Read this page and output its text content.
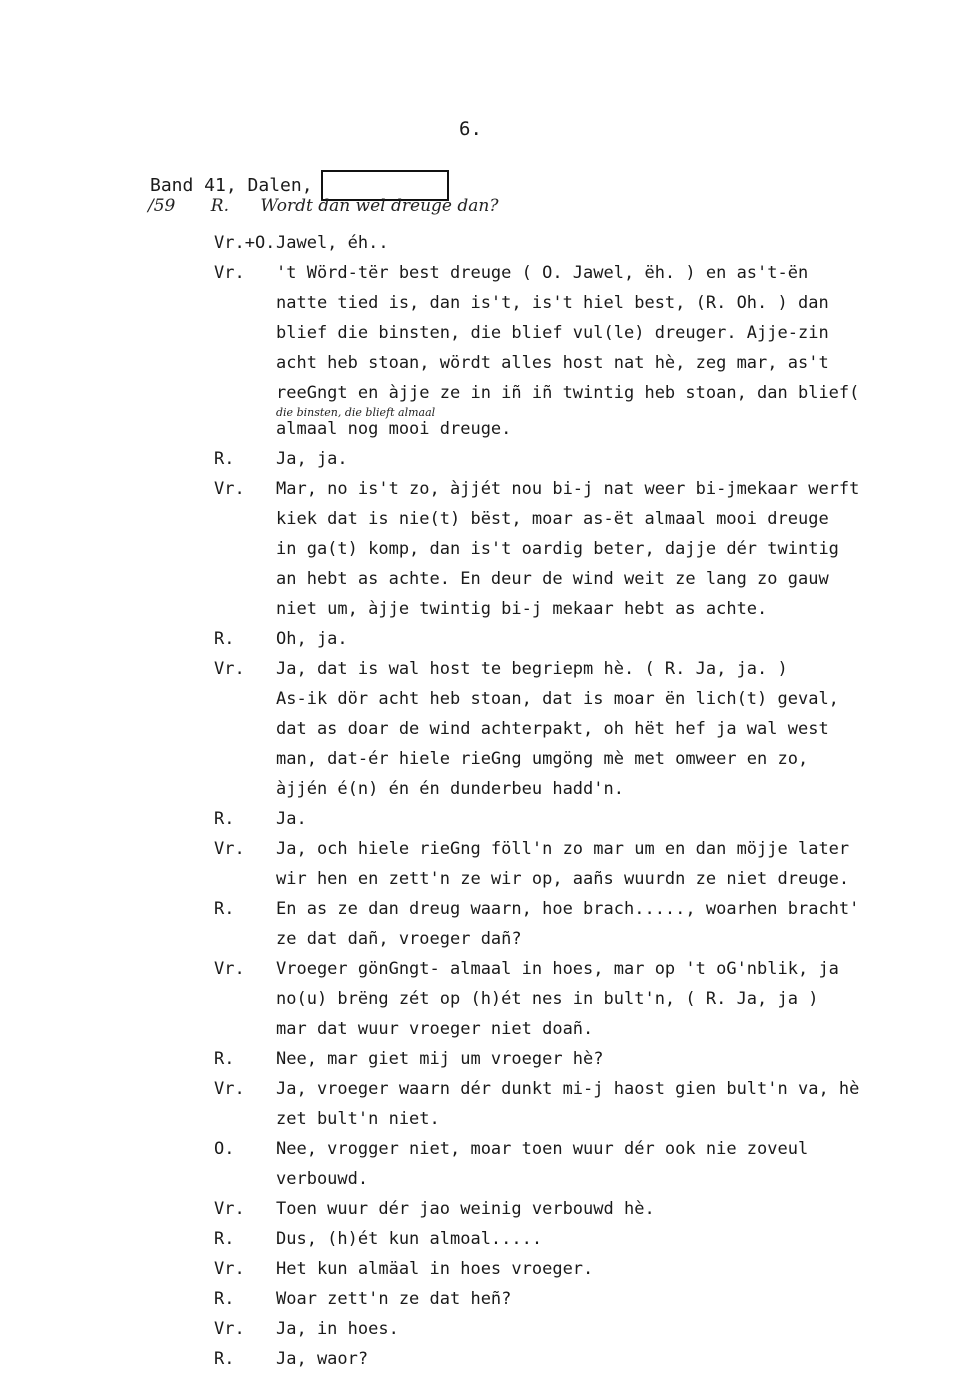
6.
Band 41, Dalen,
/59 R. Wordt dan wel dreuge dan?
Vr.+O. Jawel, éh..
Vr.	't Wörd-tër best dreuge ( O. Jawel, ëh. ) en as't-ën
natte tied is, dan is't, is't hiel best, (R. Oh. ) dan
blief die binsten, die blief vul(le) dreuger. Ajje-zin
acht heb stoan, wördt alles host nat hè, zeg mar, as't
reeGngt en àjje ze in iñ iñ twintig heb stoan, dan blief(
die binsten, die blieft almaal
almaal nog mooi dreuge.
R.	Ja, ja.
Vr.	Mar, no is't zo, àjjét nou bi-j nat weer bi-jmekaar werft
kiek dat is nie(t) bëst, moar as-ët almaal mooi dreuge
in ga(t) komp, dan is't oardig beter, dajje dér twintig
an hebt as achte. En deur de wind weit ze lang zo gauw
niet um, àjje twintig bi-j mekaar hebt as achte.
R.	Oh, ja.
Vr.	Ja, dat is wal host te begriepm hè. ( R. Ja, ja. )
As-ik dör acht heb stoan, dat is moar ën lich(t) geval,
dat as doar de wind achterpakt, oh hët hef ja wal west
man, dat-ér hiele rieGng umgöng mè met omweer en zo,
àjjén é(n) én én dunderbeu hadd'n.
R.	Ja.
Vr.	Ja, och hiele rieGng föll'n zo mar um en dan möjje later
wir hen en zett'n ze wir op, aañs wuurdn ze niet dreuge.
R.	En as ze dan dreug waarn, hoe brach....., woarhen bracht'
ze dat dañ, vroeger dañ?
Vr.	Vroeger gönGngt- almaal in hoes, mar op 't oG'nblik, ja
no(u) brëng zét op (h)ét nes in bult'n, ( R. Ja, ja )
mar dat wuur vroeger niet doañ.
R.	Nee, mar giet mij um vroeger hè?
Vr.	Ja, vroeger waarn dér dunkt mi-j haost gien bult'n va, hè
zet bult'n niet.
O.	Nee, vrogger niet, moar toen wuur dér ook nie zoveul
verbouwd.
Vr.	Toen wuur dér jao weinig verbouwd hè.
R.	Dus, (h)ét kun almoal.....
Vr.	Het kun almäal in hoes vroeger.
R.	Woar zett'n ze dat heñ?
Vr.	Ja, in hoes.
R.	Ja, waor?
